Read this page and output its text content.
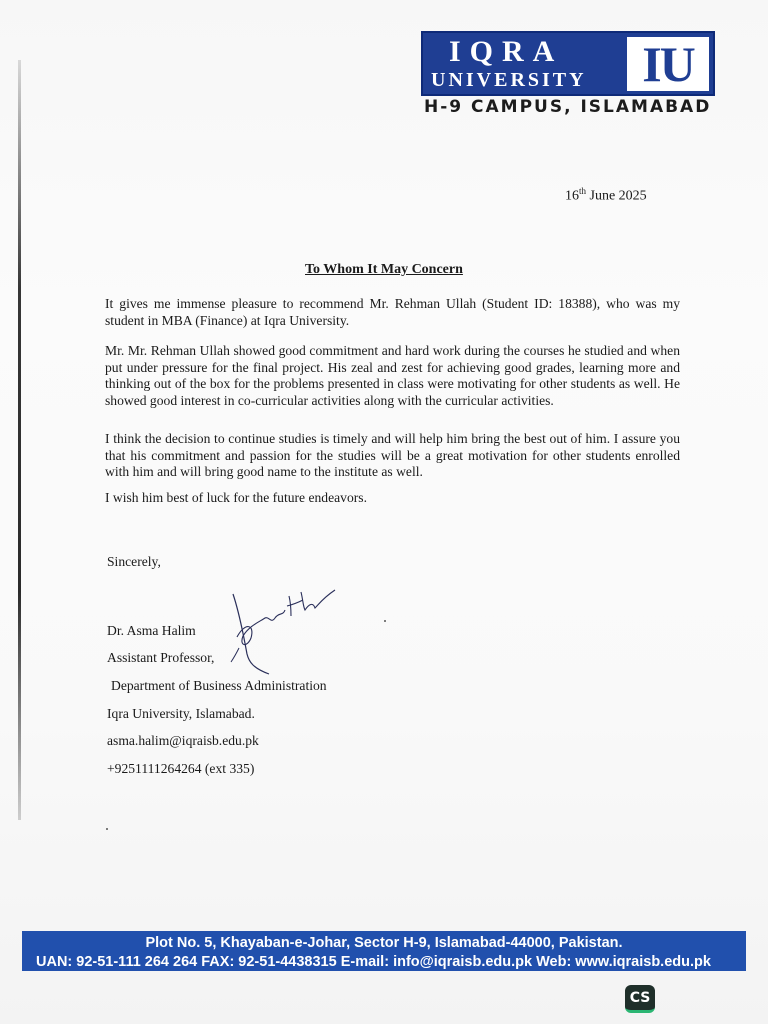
IQRA
UNIVERSITY	IU
H-9 CAMPUS, ISLAMABAD
16th June 2025
To Whom It May Concern

It gives me immense pleasure to recommend Mr. Rehman Ullah (Student ID: 18388), who was my student in MBA (Finance) at Iqra University.

Mr. Mr. Rehman Ullah showed good commitment and hard work during the courses he studied and when put under pressure for the final project. His zeal and zest for achieving good grades, learning more and thinking out of the box for the problems presented in class were motivating for other students as well. He showed good interest in co-curricular activities along with the curricular activities.

I think the decision to continue studies is timely and will help him bring the best out of him. I assure you that his commitment and passion for the studies will be a great motivation for other students enrolled with him and will bring good name to the institute as well.

I wish him best of luck for the future endeavors.

Sincerely,
Dr. Asma Halim
Assistant Professor,
Department of Business Administration
Iqra University, Islamabad.
asma.halim@iqraisb.edu.pk
+9251111264264 (ext 335)
Plot No. 5, Khayaban-e-Johar, Sector H-9, Islamabad-44000, Pakistan.
UAN: 92-51-111 264 264 FAX: 92-51-4438315 E-mail: info@iqraisb.edu.pk Web: www.iqraisb.edu.pk
CS
